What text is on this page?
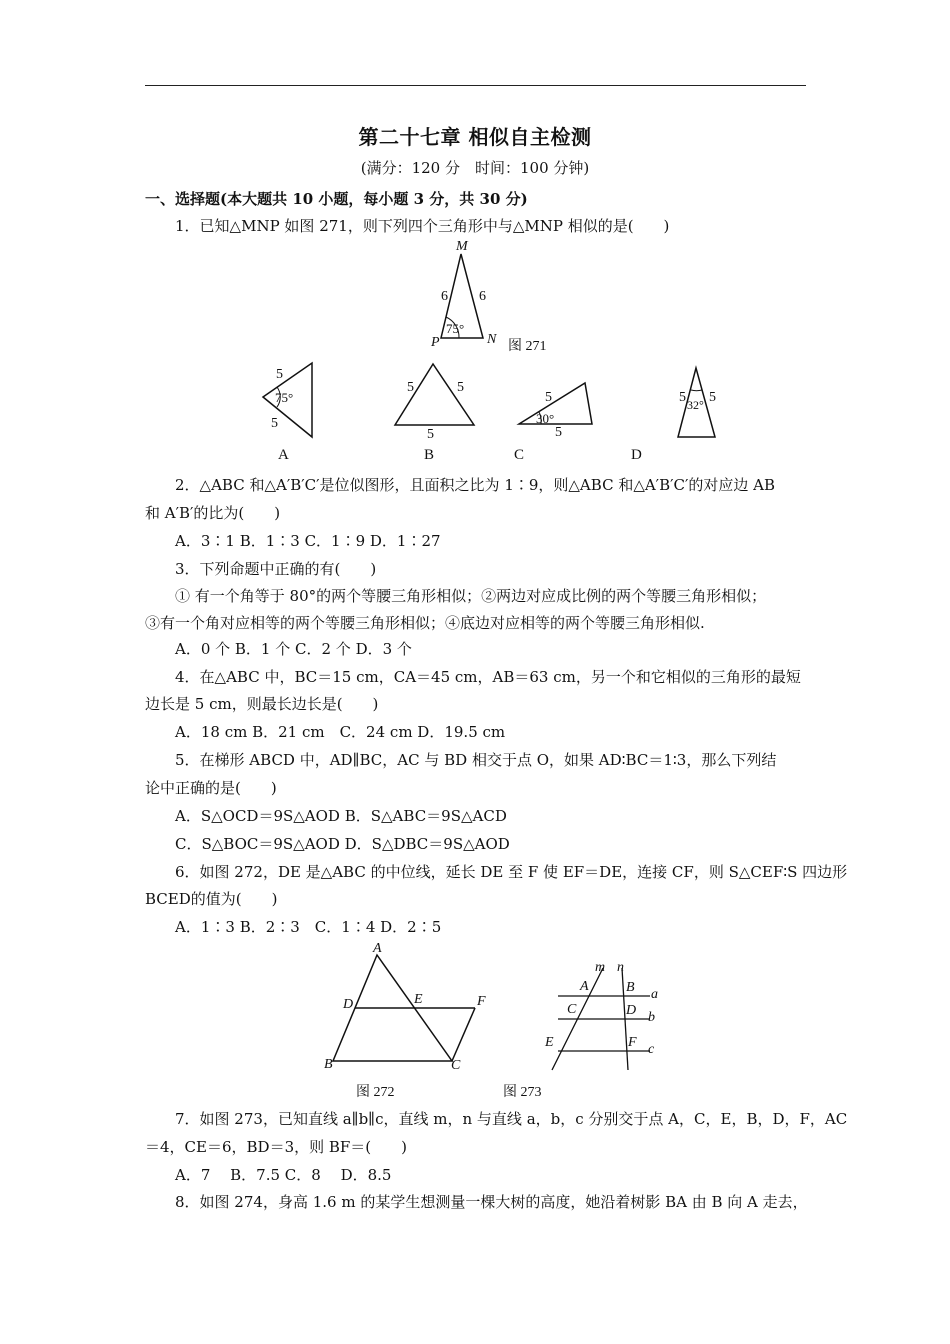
第二十七章 相似自主检测
(满分：120 分　时间：100 分钟)
一、选择题(本大题共 10 小题，每小题 3 分，共 30 分)
1．已知△MNP 如图 271，则下列四个三角形中与△MNP 相似的是(　　)
M
P	N
6 6
75°
图 271
5
5
75°
5	5
5
5
5
30°
5 5
32°
A	B	C	D
2．△ABC 和△A′B′C′是位似图形，且面积之比为 1∶9，则△ABC 和△A′B′C′的对应边 AB
和 A′B′的比为(　　)
A．3∶1 B．1∶3 C．1∶9 D．1∶27
3．下列命题中正确的有(　　)
① 有一个角等于 80°的两个等腰三角形相似；②两边对应成比例的两个等腰三角形相似；
③有一个角对应相等的两个等腰三角形相似；④底边对应相等的两个等腰三角形相似.
A．0 个 B．1 个 C．2 个 D．3 个
4．在△ABC 中，BC＝15 cm，CA＝45 cm，AB＝63 cm，另一个和它相似的三角形的最短
边长是 5 cm，则最长边长是(　　)
A．18 cm B．21 cm　C．24 cm D．19.5 cm
5．在梯形 ABCD 中，AD∥BC，AC 与 BD 相交于点 O，如果 AD∶BC＝1∶3，那么下列结
论中正确的是(　　)
A．S△OCD＝9S△AOD B．S△ABC＝9S△ACD
C．S△BOC＝9S△AOD D．S△DBC＝9S△AOD
6．如图 272，DE 是△ABC 的中位线，延长 DE 至 F 使 EF＝DE，连接 CF，则 S△CEF∶S 四边形
BCED的值为(　　)
A．1∶3 B．2∶3　C．1∶4 D．2∶5
A
D	E	F
B	C
图 272
m n
A	B a
C	D b
E	F c
图 273
7．如图 273，已知直线 a∥b∥c，直线 m，n 与直线 a，b，c 分别交于点 A，C，E，B，D，F，AC
＝4，CE＝6，BD＝3，则 BF＝(　　)
A．7　 B．7.5 C．8　 D．8.5
8．如图 274，身高 1.6 m 的某学生想测量一棵大树的高度，她沿着树影 BA 由 B 向 A 走去，
